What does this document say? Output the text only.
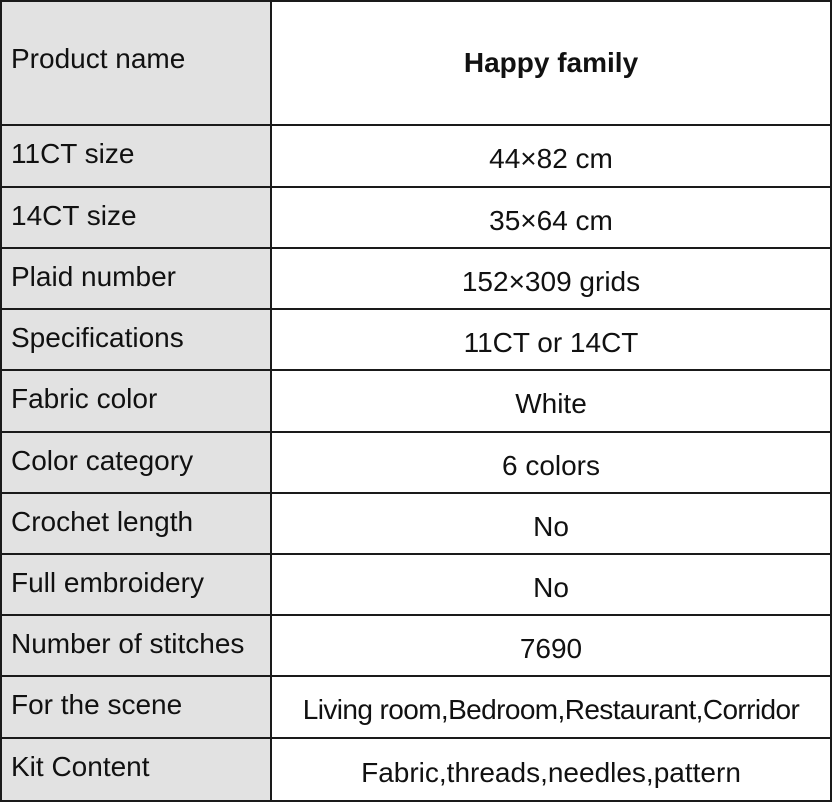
Product name	Happy family
11CT size	44×82 cm
14CT size	35×64 cm
Plaid number	152×309 grids
Specifications	11CT or 14CT
Fabric color	White
Color category	6 colors
Crochet length	No
Full embroidery	No
Number of stitches	7690
For the scene	Living room,Bedroom,Restaurant,Corridor
Kit Content	Fabric,threads,needles,pattern
